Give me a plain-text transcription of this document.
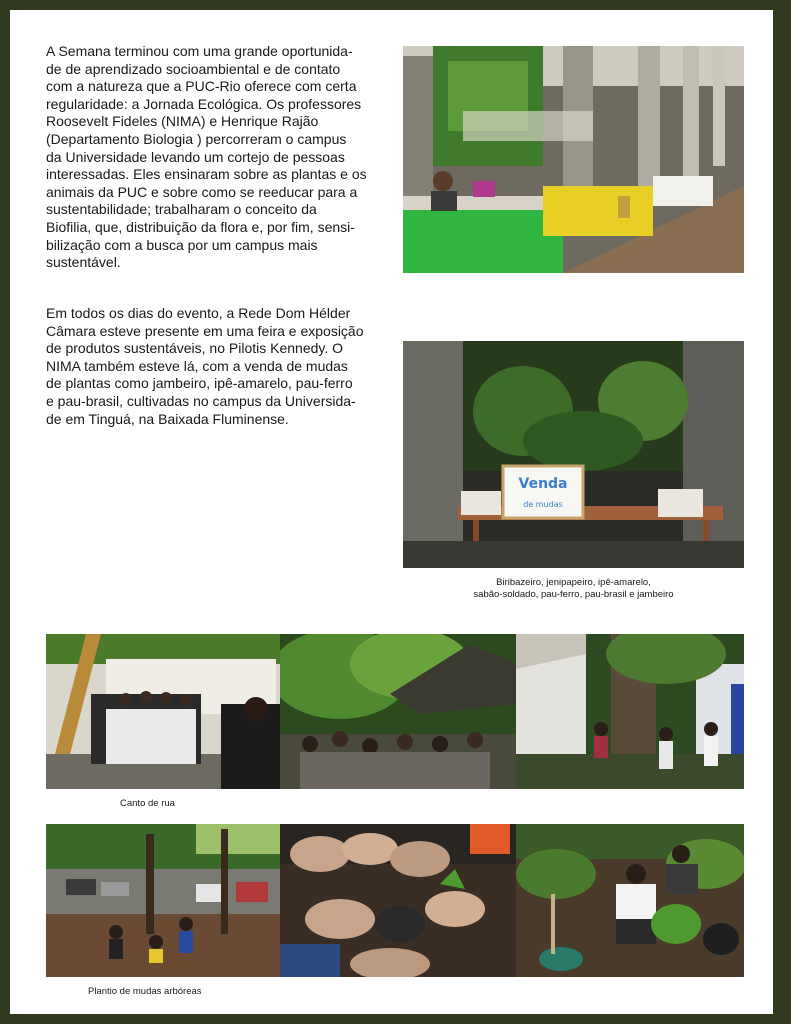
A Semana terminou com uma grande oportunida-
de de aprendizado socioambiental e de contato
com a natureza que a PUC-Rio oferece com certa
regularidade: a Jornada Ecológica. Os professores
Roosevelt Fideles (NIMA) e Henrique Rajão
(Departamento Biologia ) percorreram o campus
da Universidade levando um cortejo de pessoas
interessadas. Eles ensinaram sobre as plantas e os
animais da PUC e sobre como se reeducar para a
sustentabilidade; trabalharam o conceito da
Biofilia, que, distribuição da flora e, por fim, sensi-
bilização com a busca por um campus mais
sustentável.

Em todos os dias do evento, a Rede Dom Hélder
Câmara esteve presente em uma feira e exposição
de produtos sustentáveis, no Pilotis Kennedy. O
NIMA também esteve lá, com a venda de mudas
de plantas como jambeiro, ipê-amarelo, pau-ferro
e pau-brasil, cultivadas no campus da Universida-
de em Tinguá, na Baixada Fluminense.

Venda
de mudas

Biribazeiro, jenipapeiro, ipê-amarelo,
sabão-soldado, pau-ferro, pau-brasil e jambeiro

Canto de rua

Plantio de mudas arbóreas
